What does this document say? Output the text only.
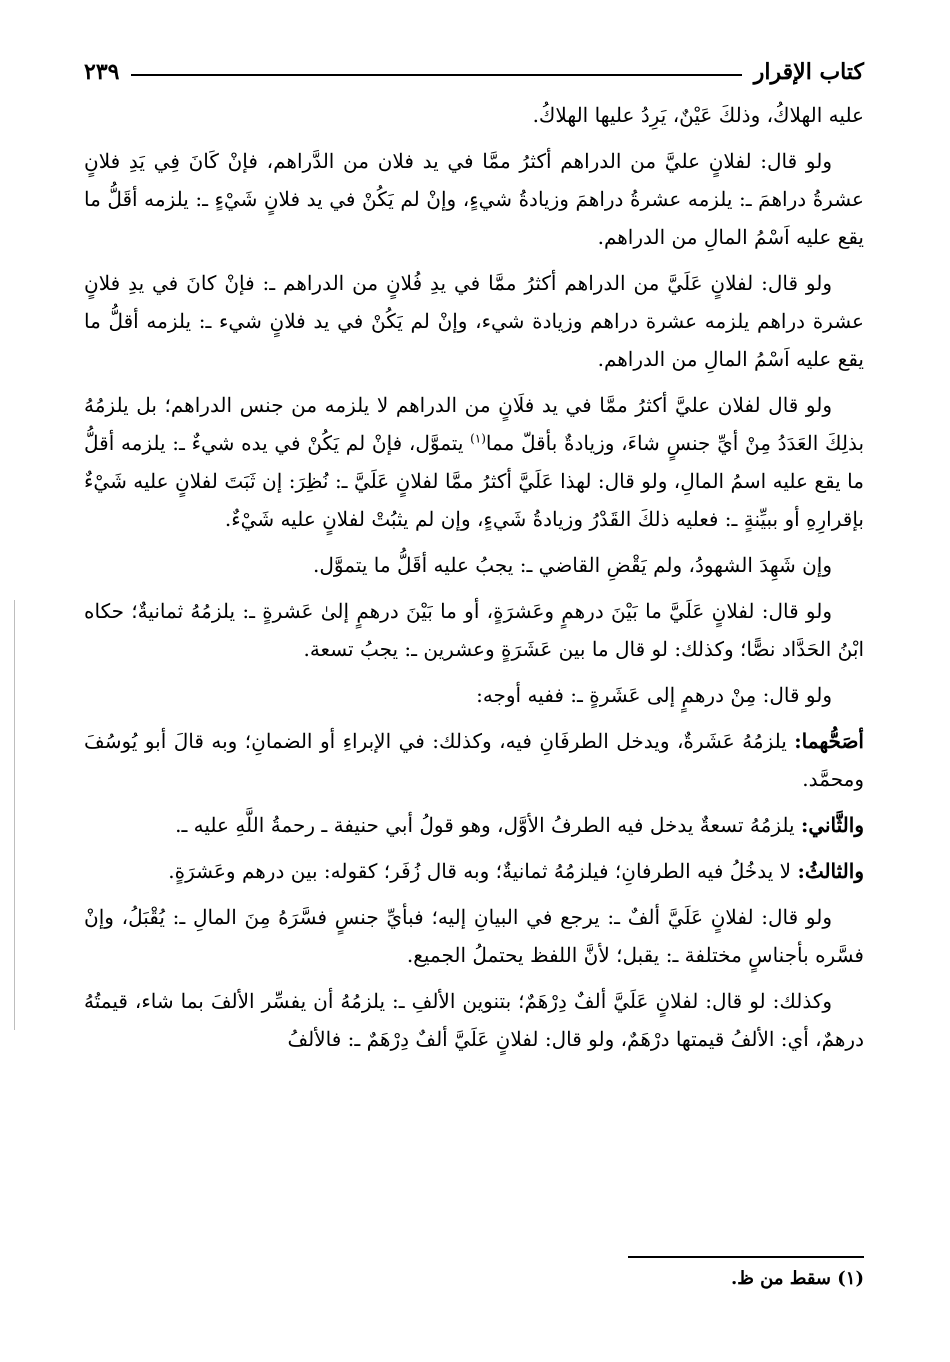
كتاب الإقرار
٢٣٩

عليه الهلاكُ، وذلكَ عَيْنٌ، يَرِدُ عليها الهلاكُ.

ولو قال: لفلانٍ عليَّ من الدراهم أكثرُ ممَّا في يد فلان من الدَّراهم، فإنْ كَانَ فِي يَدِ فلانٍ عشرةُ دراهمَ ـ: يلزمه عشرةُ دراهمَ وزيادةُ شيءٍ، وإنْ لم يَكُنْ في يد فلانٍ شَيْءٍ ـ: يلزمه أقَلُّ ما يقع عليه اَسْمُ المالِ من الدراهم.

ولو قال: لفلانٍ عَلَيَّ من الدراهم أكثرُ ممَّا في يدِ فُلانٍ من الدراهم ـ: فإنْ كانَ في يدِ فلانٍ عشرة دراهم يلزمه عشرة دراهم وزيادة شيء، وإنْ لم يَكُنْ في يد فلانٍ شيء ـ: يلزمه أقلُّ ما يقع عليه اَسْمُ المالِ من الدراهم.

ولو قال لفلان عليَّ أكثرُ ممَّا في يد فلَانٍ من الدراهم لا يلزمه من جنس الدراهم؛ بل يلزمُهُ بذلِكَ العَدَدُ مِنْ أيِّ جنسٍ شاءَ، وزيادةٌ بأقلّ مما$^{(١)}$ يتموَّل، فإنْ لم يَكُنْ في يده شيءٌ ـ: يلزمه أقلُّ ما يقع عليه اسمُ المالِ، ولو قال: لهذا عَلَيَّ أكثرُ ممَّا لفلانٍ عَلَيَّ ـ: نُظِرَ: إن ثَبَتَ لفلانٍ عليه شَيْءٌ بإقرارِهِ أو ببيِّنةٍ ـ: فعليه ذلكَ القَدْرُ وزيادةُ شَيءٍ، وإن لم يثبُتْ لفلانٍ عليه شَيْءٌ.

وإن شَهِدَ الشهودُ، ولم يَقْضِ القاضي ـ: يجبُ عليه أقَلُّ ما يتموَّل.

ولو قال: لفلانٍ عَلَيَّ ما بَيْنَ درهمٍ وعَشرَةٍ، أو ما بَيْنَ درهمٍ إلىٰ عَشرةٍ ـ: يلزمُهُ ثمانيةٌ؛ حكاه ابْنُ الحَدَّاد نصًّا؛ وكذلك: لو قال ما بين عَشَرَةٍ وعشرين ـ: يجبُ تسعة.

ولو قال: مِنْ درهمٍ إلى عَشَرةٍ ـ: ففيه أوجه:

أصَحُّهما: يلزمُهُ عَشَرةٌ، ويدخل الطرفَانِ فيه، وكذلك: في الإبراءِ أو الضمانِ؛ وبه قالَ أبو يُوسُفَ ومحمَّد.

والثَّاني: يلزمُهُ تسعةٌ يدخل فيه الطرفُ الأوَّل، وهو قولُ أبي حنيفة ـ رحمةُ اللَّهِ عليه ـ.

والثالثُ: لا يدخُلُ فيه الطرفانِ؛ فيلزمُهُ ثمانيةٌ؛ وبه قال زُفَر؛ كقوله: بين درهم وعَشرَةٍ.

ولو قال: لفلانٍ عَلَيَّ ألفٌ ـ: يرجع في البيانِ إليه؛ فبأيِّ جنسٍ فسَّرَهُ مِنَ المالِ ـ: يُقْبَلُ، وإنْ فسَّره بأجناسٍ مختلفة ـ: يقبل؛ لأنَّ اللفظ يحتملُ الجميع.

وكذلك: لو قال: لفلانٍ عَلَيَّ ألفٌ دِرْهَمٌ؛ بتنوين الألفِ ـ: يلزمُهُ أن يفسِّر الألفَ بما شاء، قيمتُهُ درهمٌ، أي: الألفُ قيمتها درْهَمٌ، ولو قال: لفلانٍ عَلَيَّ ألفٌ دِرْهَمٌ ـ: فالألفُ

(١) سقط من ظ.
